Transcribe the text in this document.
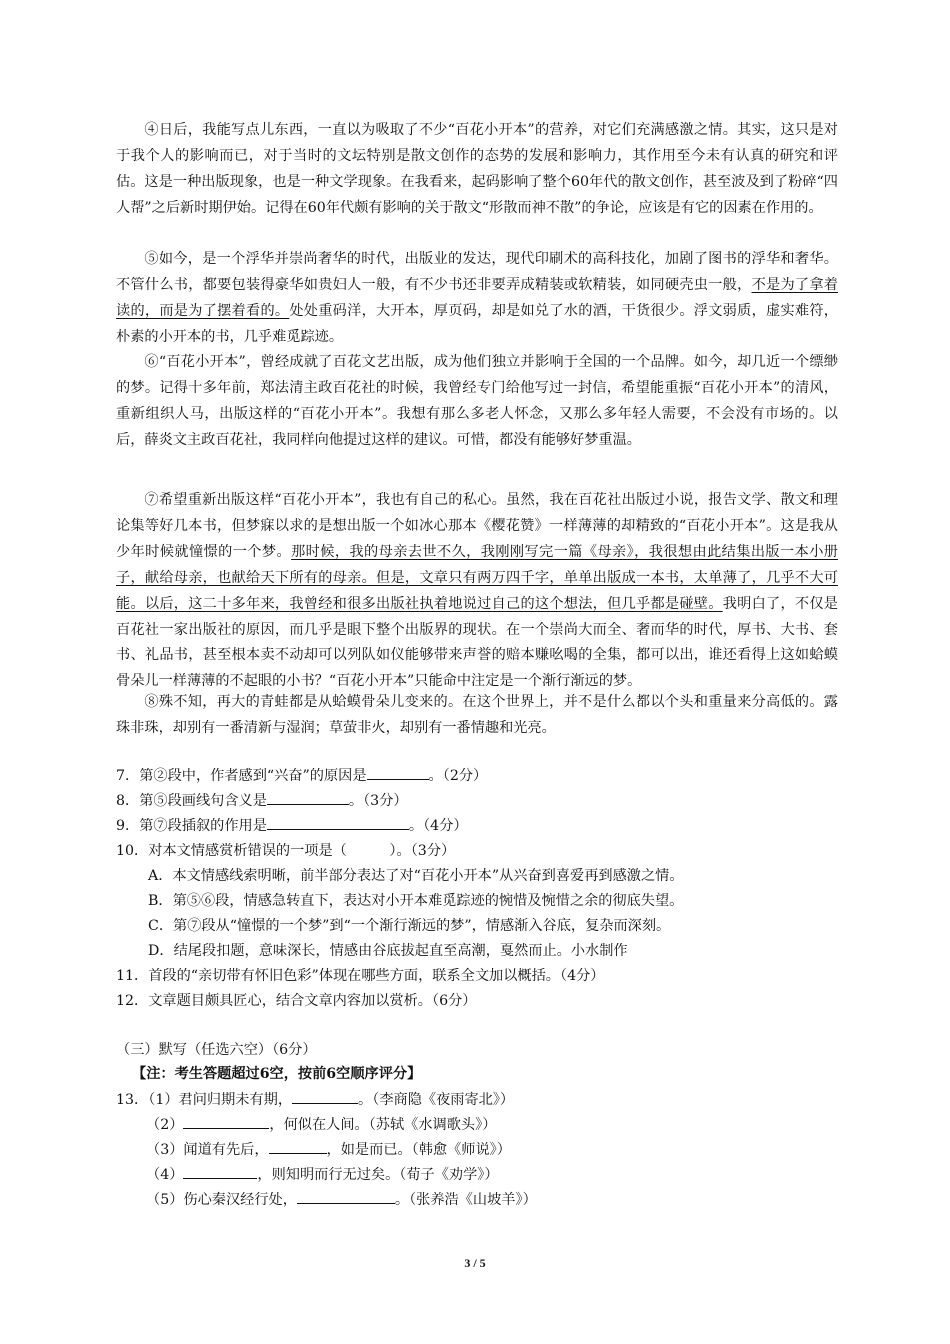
④日后，我能写点儿东西，一直以为吸取了不少“百花小开本”的营养，对它们充满感激之情。其实，这只是对于我个人的影响而已，对于当时的文坛特别是散文创作的态势的发展和影响力，其作用至今未有认真的研究和评估。这是一种出版现象，也是一种文学现象。在我看来，起码影响了整个60年代的散文创作，甚至波及到了粉碎“四人帮”之后新时期伊始。记得在60年代颇有影响的关于散文“形散而神不散”的争论，应该是有它的因素在作用的。

⑤如今，是一个浮华并崇尚奢华的时代，出版业的发达，现代印刷术的高科技化，加剧了图书的浮华和奢华。不管什么书，都要包装得豪华如贵妇人一般，有不少书还非要弄成精装或软精装，如同硬壳虫一般，不是为了拿着读的，而是为了摆着看的。处处重码洋，大开本，厚页码，却是如兑了水的酒，干货很少。浮文弱质，虚实难符，朴素的小开本的书，几乎难觅踪迹。

⑥“百花小开本”，曾经成就了百花文艺出版，成为他们独立并影响于全国的一个品牌。如今，却几近一个缥缈的梦。记得十多年前，郑法清主政百花社的时候，我曾经专门给他写过一封信，希望能重振“百花小开本”的清风，重新组织人马，出版这样的“百花小开本”。我想有那么多老人怀念，又那么多年轻人需要，不会没有市场的。以后，薛炎文主政百花社，我同样向他提过这样的建议。可惜，都没有能够好梦重温。

⑦希望重新出版这样“百花小开本”，我也有自己的私心。虽然，我在百花社出版过小说，报告文学、散文和理论集等好几本书，但梦寐以求的是想出版一个如冰心那本《樱花赞》一样薄薄的却精致的“百花小开本”。这是我从少年时候就憧憬的一个梦。那时候，我的母亲去世不久，我刚刚写完一篇《母亲》，我很想由此结集出版一本小册子，献给母亲，也献给天下所有的母亲。但是，文章只有两万四千字，单单出版成一本书，太单薄了，几乎不大可能。以后，这二十多年来，我曾经和很多出版社执着地说过自己的这个想法，但几乎都是碰壁。我明白了，不仅是百花社一家出版社的原因，而几乎是眼下整个出版界的现状。在一个崇尚大而全、奢而华的时代，厚书、大书、套书、礼品书，甚至根本卖不动却可以列队如仪能够带来声誉的赔本赚吆喝的全集，都可以出，谁还看得上这如蛤蟆骨朵儿一样薄薄的不起眼的小书？“百花小开本”只能命中注定是一个渐行渐远的梦。

⑧殊不知，再大的青蛙都是从蛤蟆骨朵儿变来的。在这个世界上，并不是什么都以个头和重量来分高低的。露珠非珠，却别有一番清新与湿润；草萤非火，却别有一番情趣和光亮。

7．第②段中，作者感到“兴奋”的原因是	。（2分）
8．第⑤段画线句含义是	。（3分）
9．第⑦段插叙的作用是	。（4分）
10．对本文情感赏析错误的一项是（　　　）。（3分）
A．本文情感线索明晰，前半部分表达了对“百花小开本”从兴奋到喜爱再到感激之情。
B．第⑤⑥段，情感急转直下，表达对小开本难觅踪迹的惋惜及惋惜之余的彻底失望。
C．第⑦段从“憧憬的一个梦”到“一个渐行渐远的梦”，情感渐入谷底，复杂而深刻。
D．结尾段扣题，意味深长，情感由谷底拔起直至高潮，戛然而止。小水制作
11．首段的“亲切带有怀旧色彩”体现在哪些方面，联系全文加以概括。（4分）
12．文章题目颇具匠心，结合文章内容加以赏析。（6分）
（三）默写（任选六空）（6分）
【注：考生答题超过6空，按前6空顺序评分】
13．（1）君问归期未有期，	。（李商隐《夜雨寄北》）
（2）	，何似在人间。（苏轼《水调歌头》）
（3）闻道有先后，	，如是而已。（韩愈《师说》）
（4）	，则知明而行无过矣。（荀子《劝学》）
（5）伤心秦汉经行处，	。（张养浩《山坡羊》）
3 / 5
